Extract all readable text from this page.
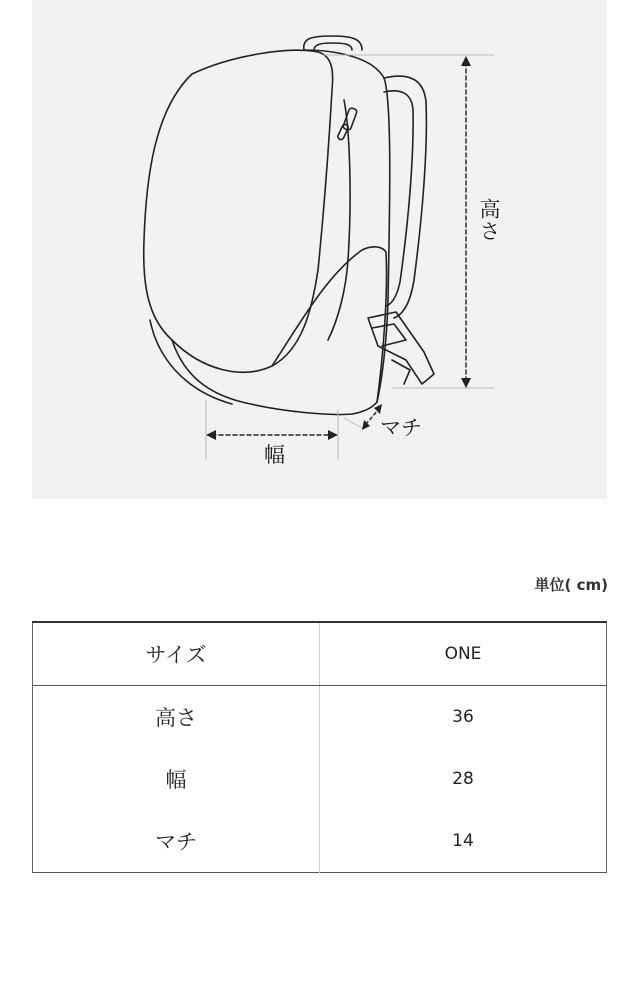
高さ
幅
マチ
単位( cm)
サイズ	ONE
高さ	36
幅	28
マチ	14
